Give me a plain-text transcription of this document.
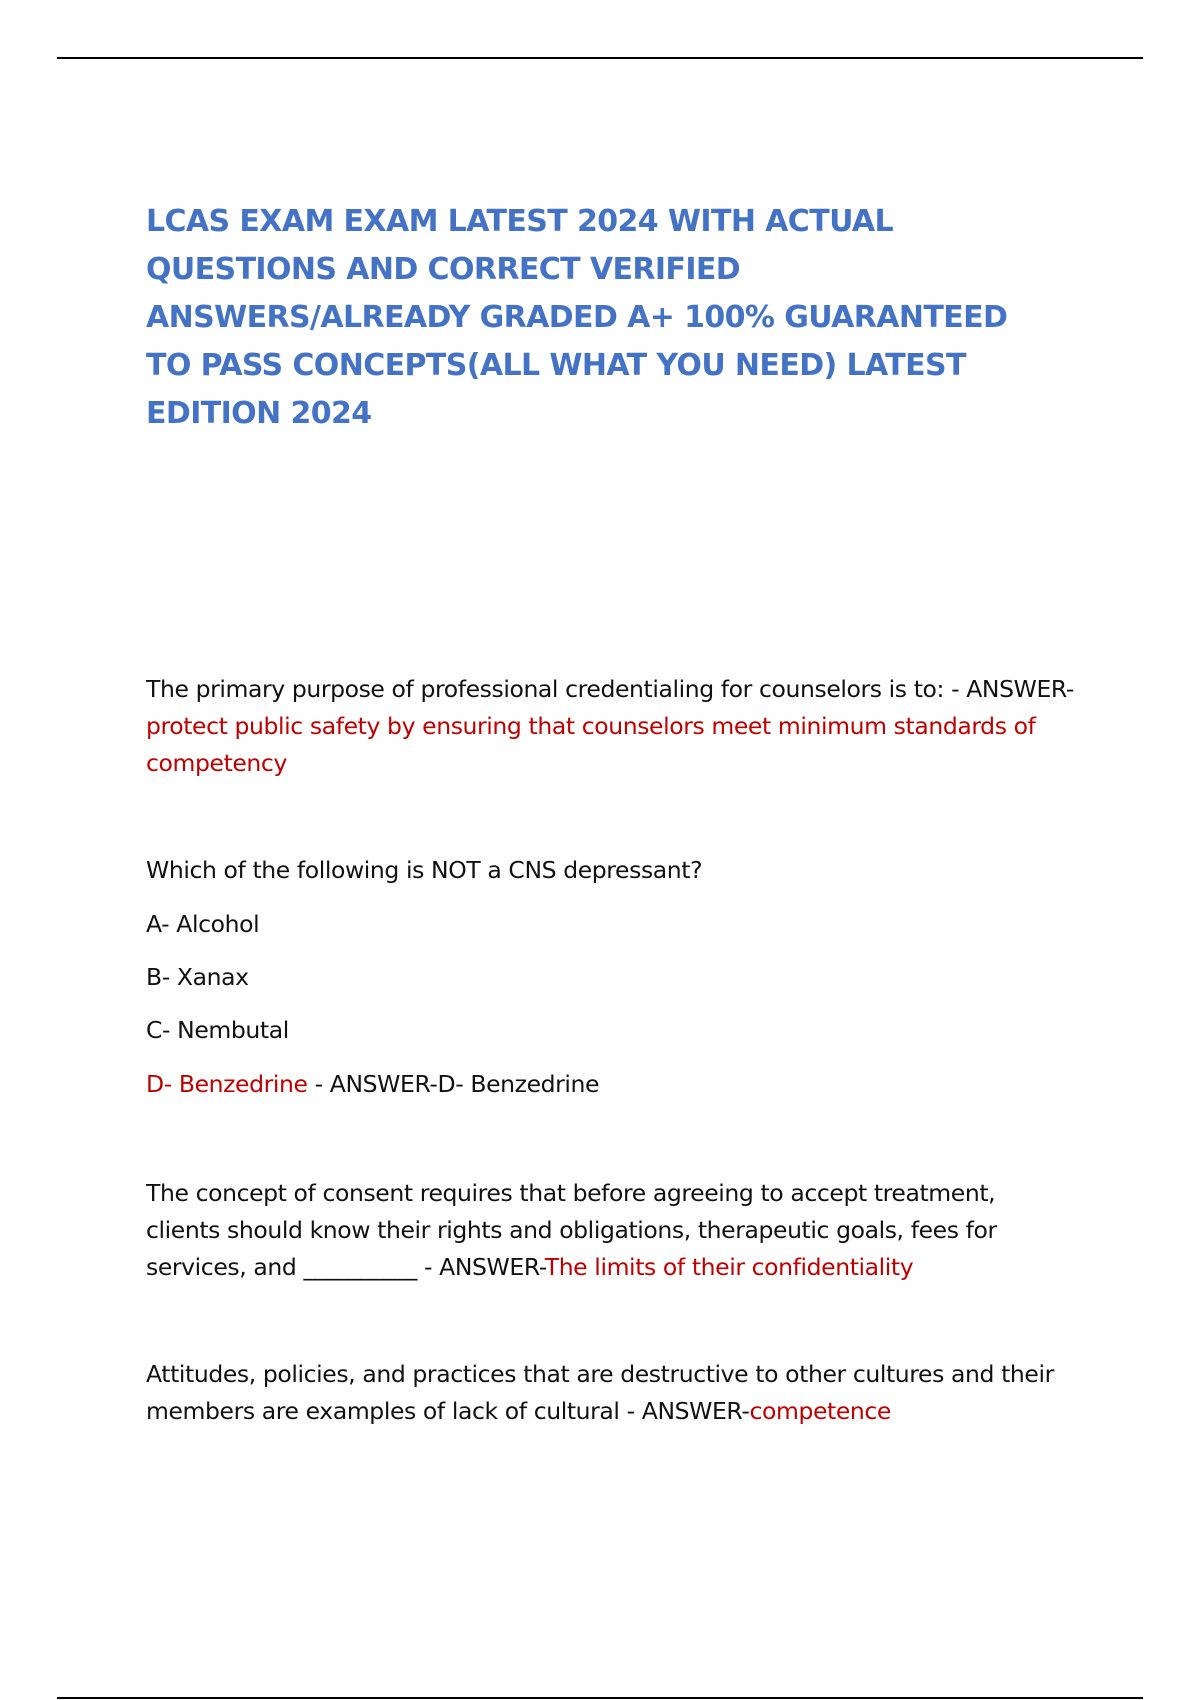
LCAS EXAM EXAM LATEST 2024 WITH ACTUAL QUESTIONS AND CORRECT VERIFIED ANSWERS/ALREADY GRADED A+ 100% GUARANTEED TO PASS CONCEPTS(ALL WHAT YOU NEED) LATEST EDITION 2024

The primary purpose of professional credentialing for counselors is to: - ANSWER-protect public safety by ensuring that counselors meet minimum standards of competency

Which of the following is NOT a CNS depressant?

A- Alcohol

B- Xanax

C- Nembutal

D- Benzedrine - ANSWER-D- Benzedrine

The concept of consent requires that before agreeing to accept treatment, clients should know their rights and obligations, therapeutic goals, fees for services, and __________ - ANSWER-The limits of their confidentiality

Attitudes, policies, and practices that are destructive to other cultures and their members are examples of lack of cultural - ANSWER-competence
